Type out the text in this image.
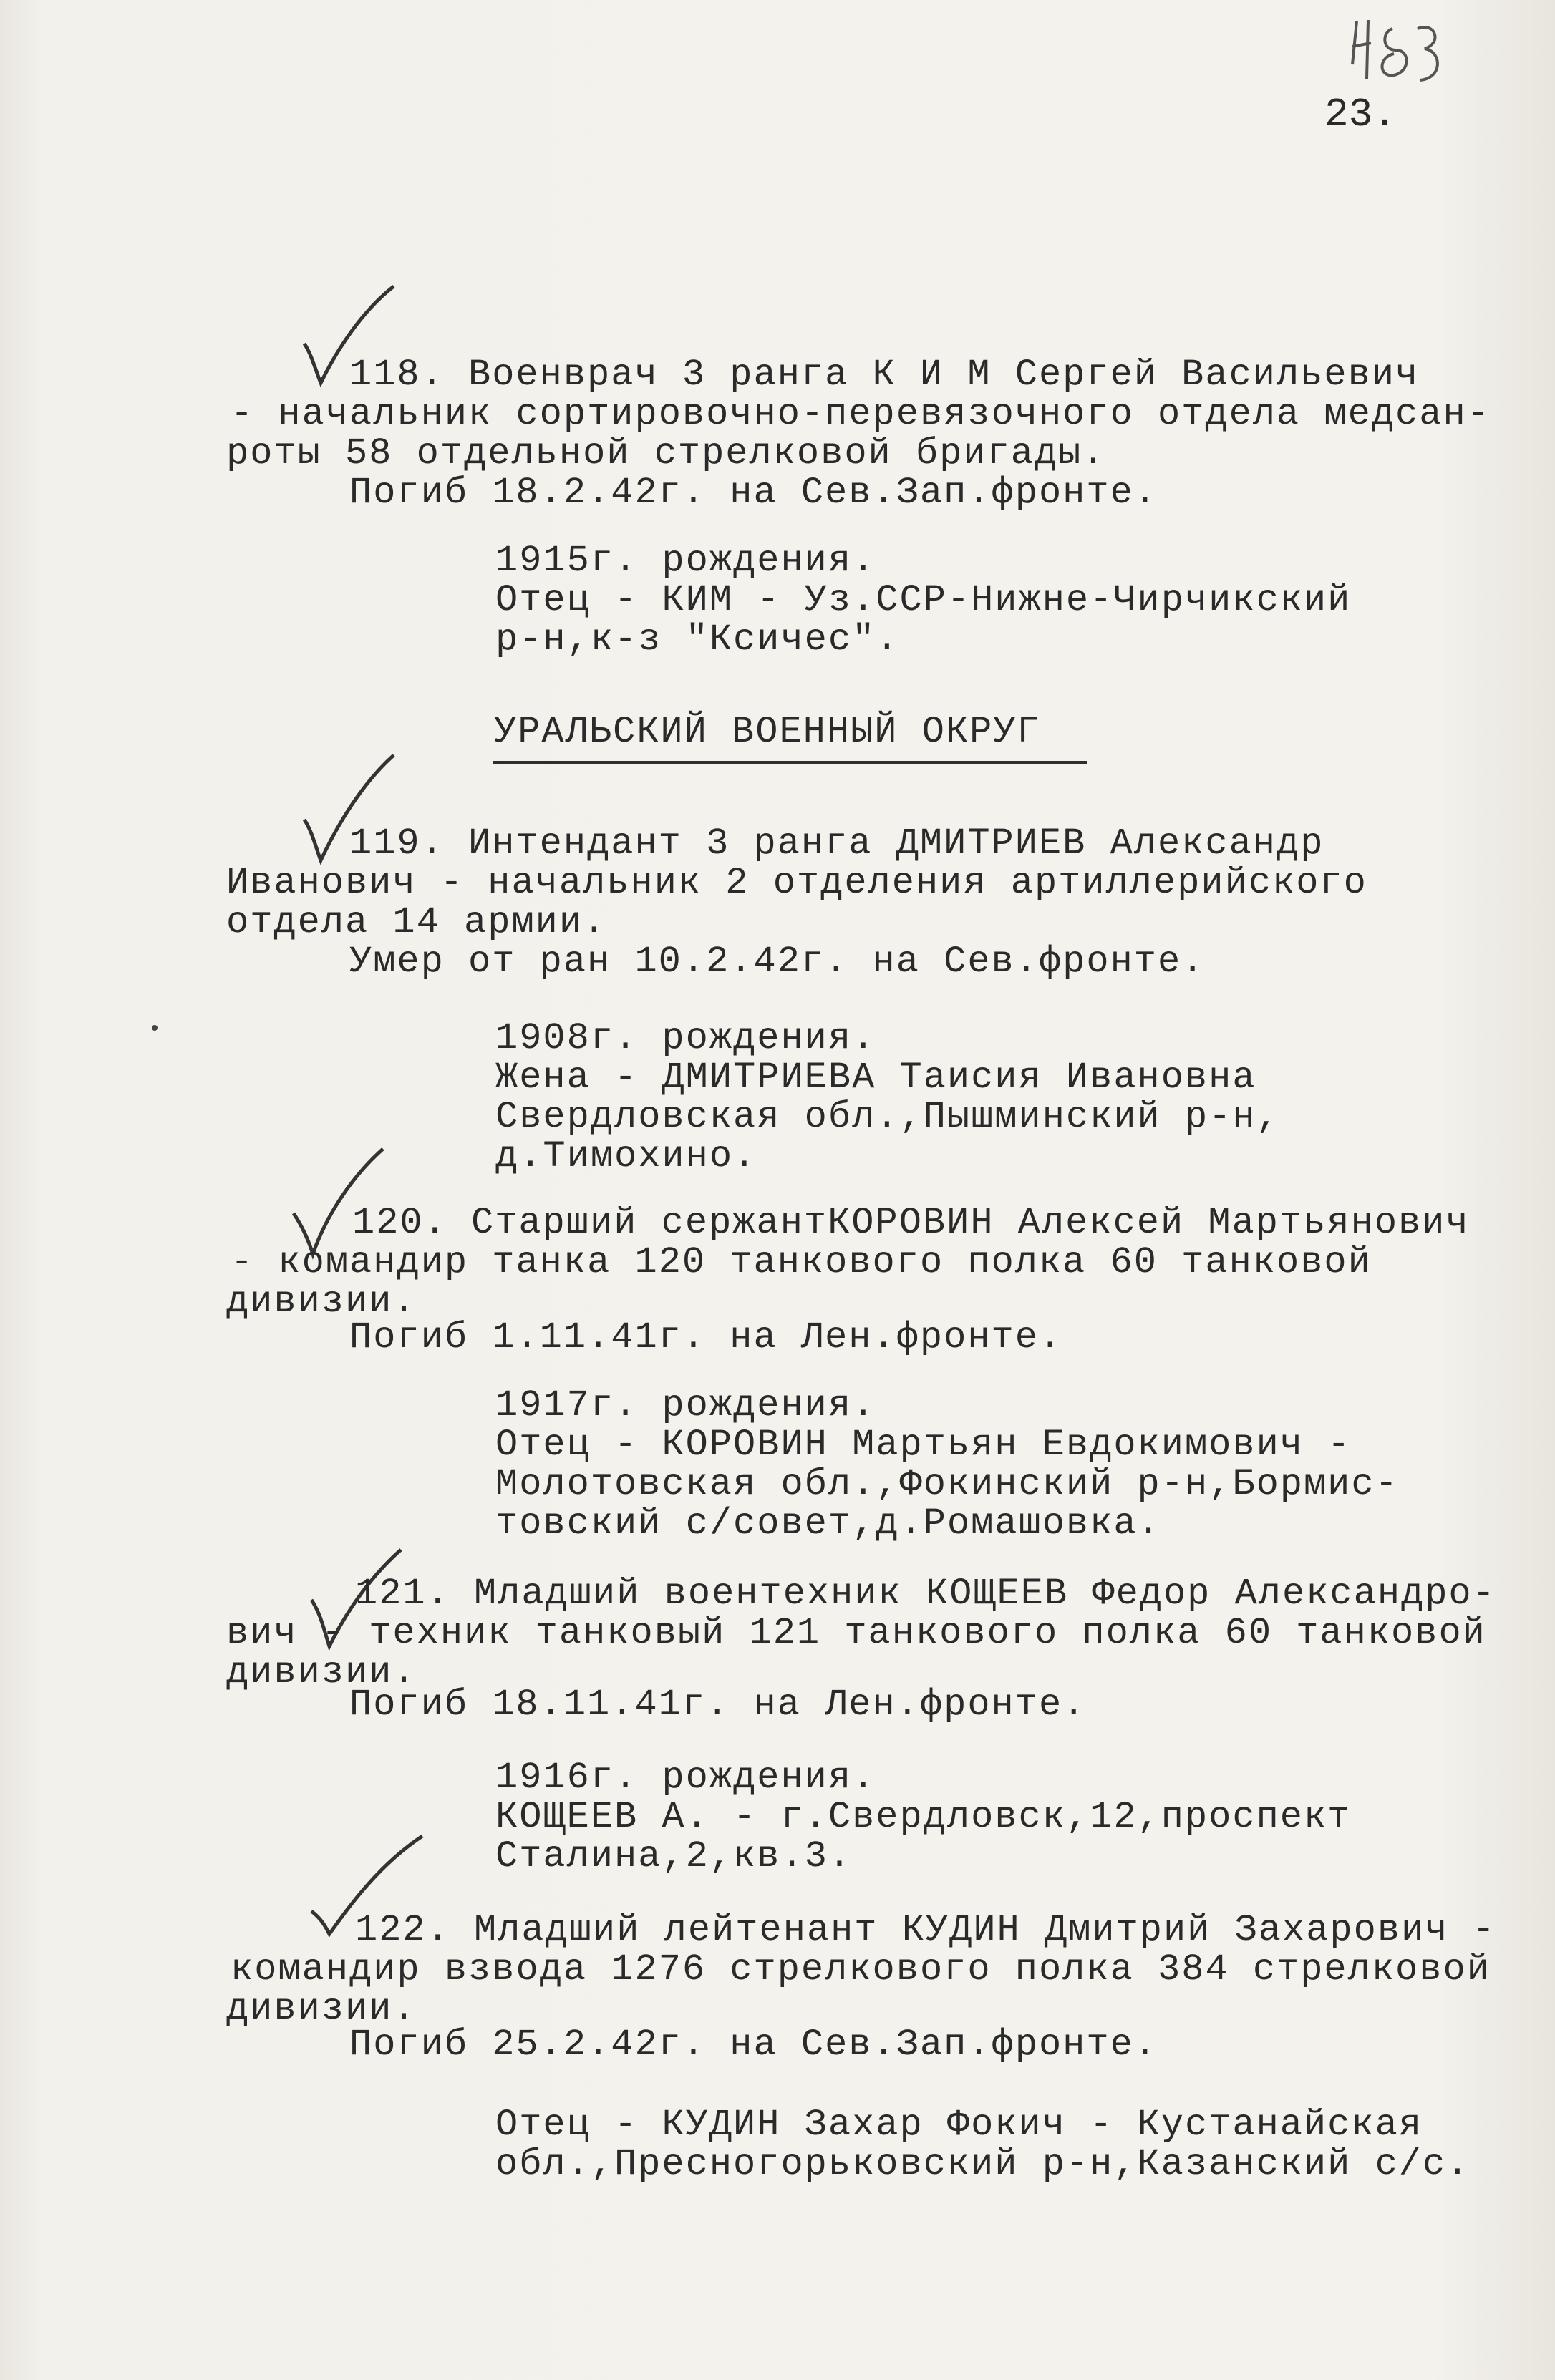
23.
118. Военврач 3 ранга К И М Сергей Васильевич
- начальник сортировочно-перевязочного отдела медсан-
роты 58 отдельной стрелковой бригады.
Погиб 18.2.42г. на Сев.Зап.фронте.
1915г. рождения.
Отец - КИМ - Уз.ССР-Нижне-Чирчикский
р-н,к-з "Ксичес".
УРАЛЬСКИЙ ВОЕННЫЙ ОКРУГ
119. Интендант 3 ранга ДМИТРИЕВ Александр
Иванович - начальник 2 отделения артиллерийского
отдела 14 армии.
Умер от ран 10.2.42г. на Сев.фронте.
1908г. рождения.
Жена - ДМИТРИЕВА Таисия Ивановна
Свердловская обл.,Пышминский р-н,
д.Тимохино.
120. Старший сержантКОРОВИН Алексей Мартьянович
- командир танка 120 танкового полка 60 танковой
дивизии.
Погиб 1.11.41г. на Лен.фронте.
1917г. рождения.
Отец - КОРОВИН Мартьян Евдокимович -
Молотовская обл.,Фокинский р-н,Бормис-
товский с/совет,д.Ромашовка.
121. Младший воентехник КОЩЕЕВ Федор Александро-
вич - техник танковый 121 танкового полка 60 танковой
дивизии.
Погиб 18.11.41г. на Лен.фронте.
1916г. рождения.
КОЩЕЕВ А. - г.Свердловск,12,проспект
Сталина,2,кв.3.
122. Младший лейтенант КУДИН Дмитрий Захарович -
командир взвода 1276 стрелкового полка 384 стрелковой
дивизии.
Погиб 25.2.42г. на Сев.Зап.фронте.
Отец - КУДИН Захар Фокич - Кустанайская
обл.,Пресногорьковский р-н,Казанский с/с.
